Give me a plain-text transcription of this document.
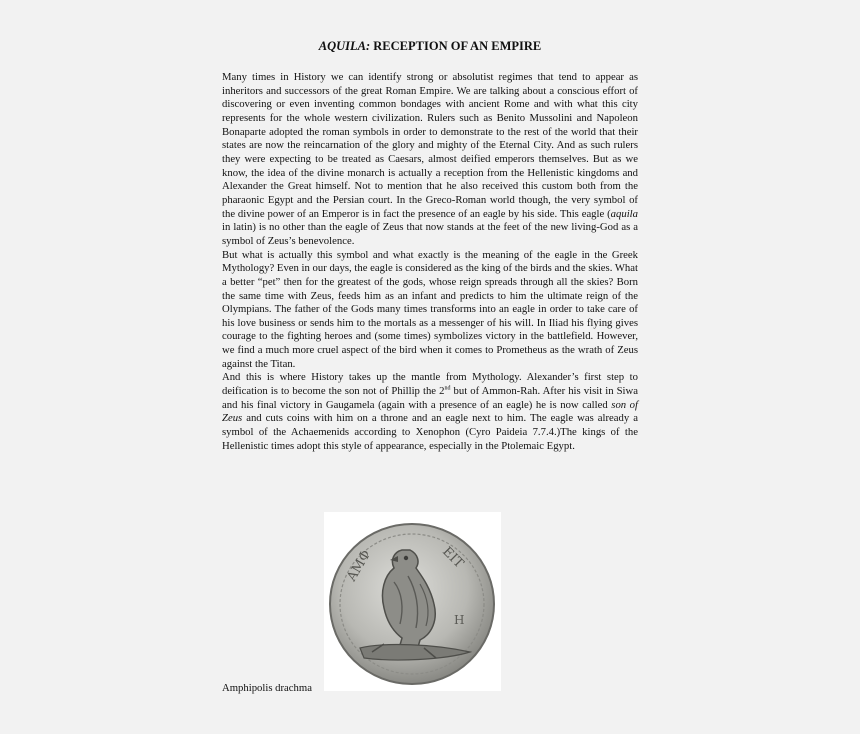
AQUILA: RECEPTION OF AN EMPIRE

Many times in History we can identify strong or absolutist regimes that tend to appear as inheritors and successors of the great Roman Empire. We are talking about a conscious effort of discovering or even inventing common bondages with ancient Rome and with what this city represents for the whole western civilization. Rulers such as Benito Mussolini and Napoleon Bonaparte adopted the roman symbols in order to demonstrate to the rest of the world that their states are now the reincarnation of the glory and mighty of the Eternal City. And as such rulers they were expecting to be treated as Caesars, almost deified emperors themselves. But as we know, the idea of the divine monarch is actually a reception from the Hellenistic kingdoms and Alexander the Great himself. Not to mention that he also received this custom both from the pharaonic Egypt and the Persian court. In the Greco-Roman world though, the very symbol of the divine power of an Emperor is in fact the presence of an eagle by his side. This eagle (aquila in latin) is no other than the eagle of Zeus that now stands at the feet of the new living-God as a symbol of Zeus’s benevolence.

But what is actually this symbol and what exactly is the meaning of the eagle in the Greek Mythology? Even in our days, the eagle is considered as the king of the birds and the skies. What a better “pet” then for the greatest of the gods, whose reign spreads through all the skies? Born the same time with Zeus, feeds him as an infant and predicts to him the ultimate reign of the Olympians. The father of the Gods many times transforms into an eagle in order to take care of his love business or sends him to the mortals as a messenger of his will. In Iliad his flying gives courage to the fighting heroes and (some times) symbolizes victory in the battlefield. However, we find a much more cruel aspect of the bird when it comes to Prometheus as the wrath of Zeus against the Titan.

And this is where History takes up the mantle from Mythology. Alexander’s first step to deification is to become the son not of Phillip the 2nd but of Ammon-Rah. After his visit in Siwa and his final victory in Gaugamela (again with a presence of an eagle) he is now called son of Zeus and cuts coins with him on a throne and an eagle next to him. The eagle was already a symbol of the Achaemenids according to Xenophon (Cyro Paideia 7.7.4.)The kings of the Hellenistic times adopt this style of appearance, especially in the Ptolemaic Egypt.

ΑΜΦ	ΕΙΤ
Η
Amphipolis drachma
